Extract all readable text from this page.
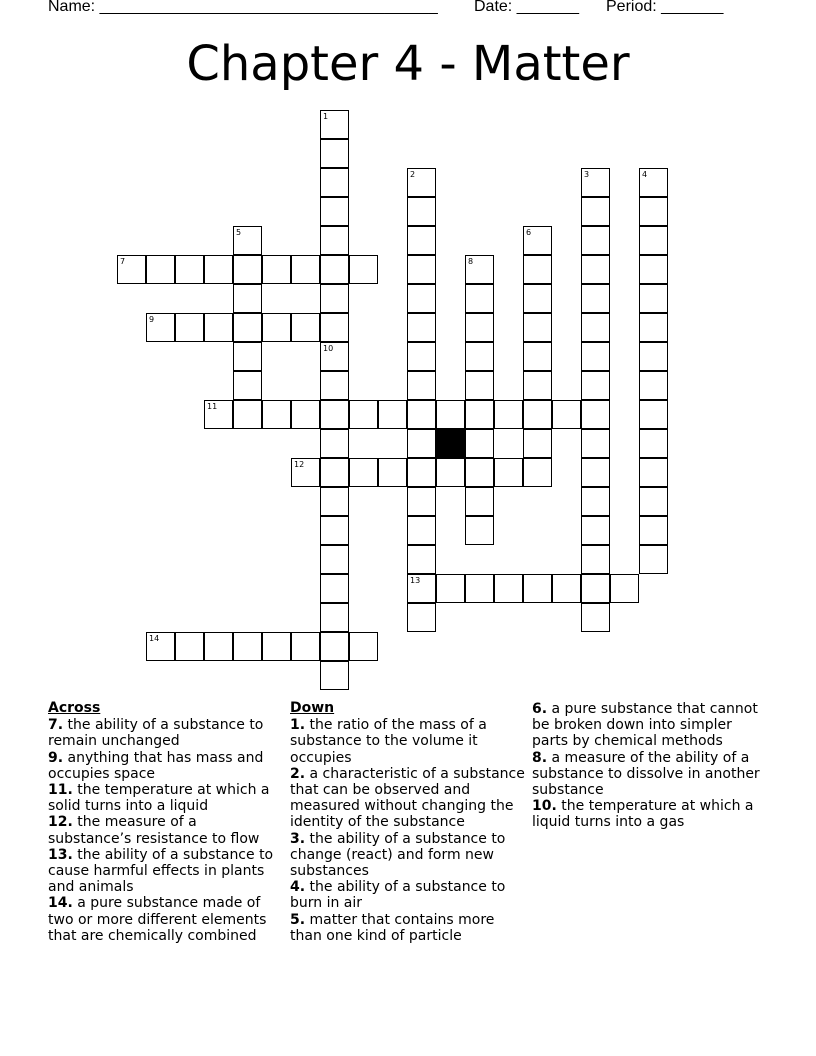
Name: ______________________________________

Date: _______

Period: _______

Chapter 4 - Matter
1
10
2
13
3	4
5	6
7	8
9
11
12
14
Across
7. the ability of a substance to remain unchanged
9. anything that has mass and occupies space
11. the temperature at which a solid turns into a liquid
12. the measure of a substance’s resistance to flow
13. the ability of a substance to cause harmful effects in plants and animals
14. a pure substance made of two or more different elements that are chemically combined
Down
1. the ratio of the mass of a substance to the volume it occupies
2. a characteristic of a substance that can be observed and measured without changing the identity of the substance
3. the ability of a substance to change (react) and form new substances
4. the ability of a substance to burn in air
5. matter that contains more than one kind of particle
6. a pure substance that cannot be broken down into simpler parts by chemical methods
8. a measure of the ability of a substance to dissolve in another substance
10. the temperature at which a liquid turns into a gas
